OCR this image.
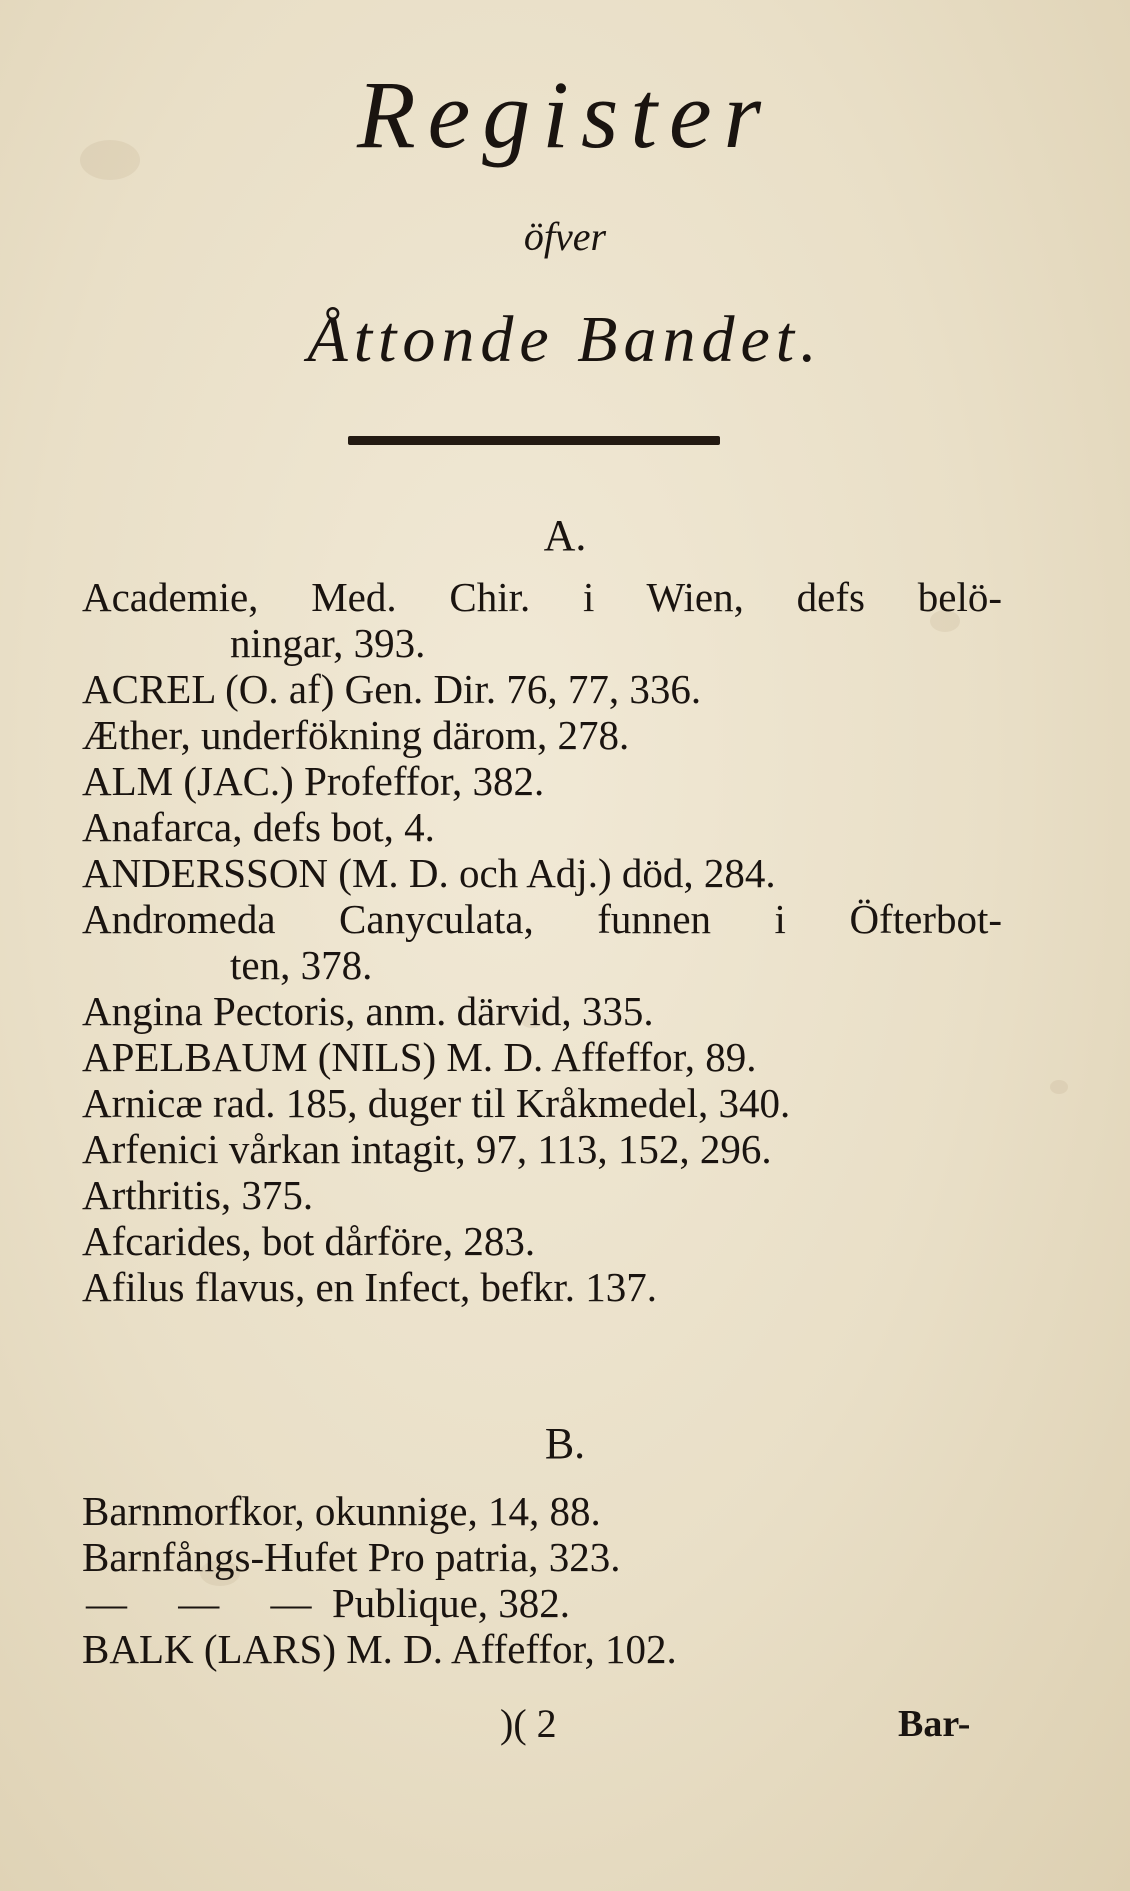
Register
öfver
Åttonde Bandet.
A.
Academie, Med. Chir. i Wien, defs belö-
ningar, 393.
ACREL (O. af) Gen. Dir. 76, 77, 336.
Æther, underfökning därom, 278.
ALM (JAC.) Profeffor, 382.
Anafarca, defs bot, 4.
ANDERSSON (M. D. och Adj.) död, 284.
Andromeda Canyculata, funnen i Öfterbot-
ten, 378.
Angina Pectoris, anm. därvid, 335.
APELBAUM (NILS) M. D. Affeffor, 89.
Arnicæ rad. 185, duger til Kråkmedel, 340.
Arfenici vårkan intagit, 97, 113, 152, 296.
Arthritis, 375.
Afcarides, bot dårföre, 283.
Afilus flavus, en Infect, befkr. 137.
B.
Barnmorfkor, okunnige, 14, 88.
Barnfångs-Hufet Pro patria, 323.
—     —     —  Publique, 382.
BALK (LARS) M. D. Affeffor, 102.
)( 2	Bar-
